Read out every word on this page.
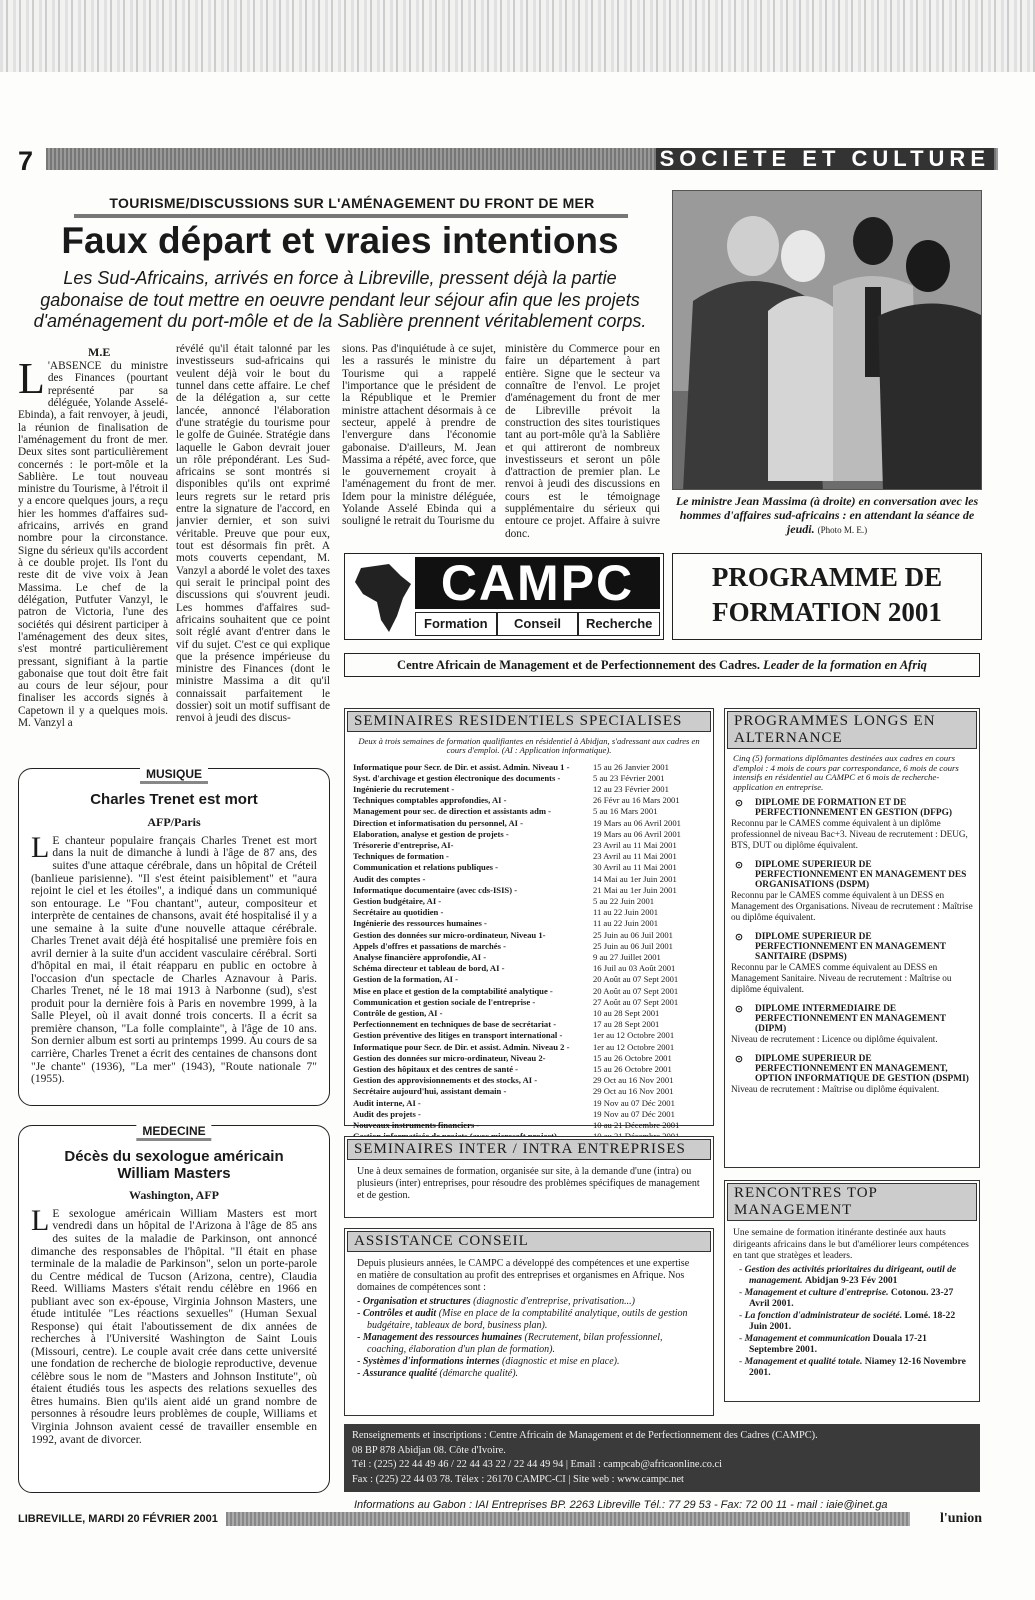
7	SOCIETE ET CULTURE
TOURISME/DISCUSSIONS SUR L'AMÉNAGEMENT DU FRONT DE MER
Faux départ et vraies intentions
Les Sud-Africains, arrivés en force à Libreville, pressent déjà la partie gabonaise de tout mettre en oeuvre pendant leur séjour afin que les projets d'aménagement du port-môle et de la Sablière prennent véritablement corps.
M.E
L 'ABSENCE du ministre des Finances (pourtant représenté par sa déléguée, Yolande Asselé-Ebinda), a fait renvoyer, à jeudi, la réunion de finalisation de l'aménagement du front de mer. Deux sites sont particulièrement concernés : le port-môle et la Sablière. Le tout nouveau ministre du Tourisme, à l'étroit il y a encore quelques jours, a reçu hier les hommes d'affaires sud-africains, arrivés en grand nombre pour la circonstance. Signe du sérieux qu'ils accordent à ce double projet. Ils l'ont du reste dit de vive voix à Jean Massima. Le chef de la délégation, Putfuter Vanzyl, le patron de Victoria, l'une des sociétés qui désirent participer à l'aménagement des deux sites, s'est montré particulièrement pressant, signifiant à la partie gabonaise que tout doit être fait au cours de leur séjour, pour finaliser les accords signés à Capetown il y a quelques mois. M. Vanzyl a
révélé qu'il était talonné par les investisseurs sud-africains qui veulent déjà voir le bout du tunnel dans cette affaire. Le chef de la délégation a, sur cette lancée, annoncé l'élaboration d'une stratégie du tourisme pour le golfe de Guinée. Stratégie dans laquelle le Gabon devrait jouer un rôle prépondérant. Les Sud-africains se sont montrés si disponibles qu'ils ont exprimé leurs regrets sur le retard pris entre la signature de l'accord, en janvier dernier, et son suivi véritable. Preuve que pour eux, tout est désormais fin prêt. A mots couverts cependant, M. Vanzyl a abordé le volet des taxes qui serait le principal point des discussions qui s'ouvrent jeudi. Les hommes d'affaires sud-africains souhaitent que ce point soit réglé avant d'entrer dans le vif du sujet. C'est ce qui explique que la présence impérieuse du ministre des Finances (dont le ministre Massima a dit qu'il connaissait parfaitement le dossier) soit un motif suffisant de renvoi à jeudi des discus-
sions. Pas d'inquiétude à ce sujet, les a rassurés le ministre du Tourisme qui a rappelé l'importance que le président de la République et le Premier ministre attachent désormais à ce secteur, appelé à prendre de l'envergure dans l'économie gabonaise. D'ailleurs, M. Jean Massima a répété, avec force, que le gouvernement croyait à l'aménagement du front de mer. Idem pour la ministre déléguée, Yolande Asselé Ebinda qui a souligné le retrait du Tourisme du
ministère du Commerce pour en faire un département à part entière. Signe que le secteur va connaître de l'envol. Le projet d'aménagement du front de mer de Libreville prévoit la construction des sites touristiques tant au port-môle qu'à la Sablière et qui attireront de nombreux investisseurs et seront un pôle d'attraction de premier plan. Le renvoi à jeudi des discussions en cours est le témoignage supplémentaire du sérieux qui entoure ce projet. Affaire à suivre donc.
Le ministre Jean Massima (à droite) en conversation avec les hommes d'affaires sud-africains : en attendant la séance de jeudi. (Photo M. E.)
MUSIQUE
Charles Trenet est mort
AFP/Paris
L E chanteur populaire français Charles Trenet est mort dans la nuit de dimanche à lundi à l'âge de 87 ans, des suites d'une attaque cérébrale, dans un hôpital de Créteil (banlieue parisienne). "Il s'est éteint paisiblement" et "aura rejoint le ciel et les étoiles", a indiqué dans un communiqué son entourage. Le "Fou chantant", auteur, compositeur et interprète de centaines de chansons, avait été hospitalisé il y a une semaine à la suite d'une nouvelle attaque cérébrale. Charles Trenet avait déjà été hospitalisé une première fois en avril dernier à la suite d'un accident vasculaire cérébral. Sorti d'hôpital en mai, il était réapparu en public en octobre à l'occasion d'un spectacle de Charles Aznavour à Paris. Charles Trenet, né le 18 mai 1913 à Narbonne (sud), s'est produit pour la dernière fois à Paris en novembre 1999, à la Salle Pleyel, où il avait donné trois concerts. Il a écrit sa première chanson, "La folle complainte", à l'âge de 10 ans. Son dernier album est sorti au printemps 1999. Au cours de sa carrière, Charles Trenet a écrit des centaines de chansons dont "Je chante" (1936), "La mer" (1943), "Route nationale 7" (1955).
MEDECINE
Décès du sexologue américain William Masters
Washington, AFP
L E sexologue américain William Masters est mort vendredi dans un hôpital de l'Arizona à l'âge de 85 ans des suites de la maladie de Parkinson, ont annoncé dimanche des responsables de l'hôpital. "Il était en phase terminale de la maladie de Parkinson", selon un porte-parole du Centre médical de Tucson (Arizona, centre), Claudia Reed. Williams Masters s'était rendu célèbre en 1966 en publiant avec son ex-épouse, Virginia Johnson Masters, une étude intitulée "Les réactions sexuelles" (Human Sexual Response) qui était l'aboutissement de dix années de recherches à l'Université Washington de Saint Louis (Missouri, centre). Le couple avait crée dans cette université une fondation de recherche de biologie reproductive, devenue célèbre sous le nom de "Masters and Johnson Institute", où étaient étudiés tous les aspects des relations sexuelles des êtres humains. Bien qu'ils aient aidé un grand nombre de personnes à résoudre leurs problèmes de couple, Williams et Virginia Johnson avaient cessé de travailler ensemble en 1992, avant de divorcer.
CAMPC
Formation	Conseil	Recherche
PROGRAMME DE FORMATION 2001
Centre Africain de Management et de Perfectionnement des Cadres. Leader de la formation en Afriq
SEMINAIRES RESIDENTIELS SPECIALISES
Deux à trois semaines de formation qualifiantes en résidentiel à Abidjan, s'adressant aux cadres en cours d'emploi. (AI : Application informatique).
Informatique pour Secr. de Dir. et assist. Admin. Niveau 1 -	15 au 26 Janvier 2001
Syst. d'archivage et gestion électronique des documents -	5 au 23 Février 2001
Ingénierie du recrutement -	12 au 23 Février 2001
Techniques comptables approfondies, AI -	26 Févr au 16 Mars 2001
Management pour sec. de direction et assistants adm -	5 au 16 Mars 2001
Direction et informatisation du personnel, AI -	19 Mars au 06 Avril 2001
Elaboration, analyse et gestion de projets -	19 Mars au 06 Avril 2001
Trésorerie d'entreprise, AI-	23 Avril au 11 Mai 2001
Techniques de formation -	23 Avril au 11 Mai 2001
Communication et relations publiques -	30 Avril au 11 Mai 2001
Audit des comptes -	14 Mai au 1er Juin 2001
Informatique documentaire (avec cds-ISIS) -	21 Mai au 1er Juin 2001
Gestion budgétaire, AI -	5 au 22 Juin 2001
Secrétaire au quotidien -	11 au 22 Juin 2001
Ingénierie des ressources humaines -	11 au 22 Juin 2001
Gestion des données sur micro-ordinateur, Niveau 1-	25 Juin au 06 Juil 2001
Appels d'offres et passations de marchés -	25 Juin au 06 Juil 2001
Analyse financière approfondie, AI -	9 au 27 Juillet 2001
Schéma directeur et tableau de bord, AI -	16 Juil au 03 Août 2001
Gestion de la formation, AI -	20 Août au 07 Sept 2001
Mise en place et gestion de la comptabilité analytique -	20 Août au 07 Sept 2001
Communication et gestion sociale de l'entreprise -	27 Août au 07 Sept 2001
Contrôle de gestion, AI -	10 au 28 Sept 2001
Perfectionnement en techniques de base de secrétariat -	17 au 28 Sept 2001
Gestion préventive des litiges en transport international -	1er au 12 Octobre 2001
Informatique pour Secr. de Dir. et assist. Admin. Niveau 2 -	1er au 12 Octobre 2001
Gestion des données sur micro-ordinateur, Niveau 2-	15 au 26 Octobre 2001
Gestion des hôpitaux et des centres de santé -	15 au 26 Octobre 2001
Gestion des approvisionnements et des stocks, AI -	29 Oct au 16 Nov 2001
Secrétaire aujourd'hui, assistant demain -	29 Oct au 16 Nov 2001
Audit interne, AI -	19 Nov au 07 Déc 2001
Audit des projets -	19 Nov au 07 Déc 2001
Nouveaux instruments financiers -	10 au 21 Décembre 2001
SEMINAIRES INTER / INTRA ENTREPRISES
Une à deux semaines de formation, organisée sur site, à la demande d'une (intra) ou plusieurs (inter) entreprises, pour résoudre des problèmes spécifiques de management et de gestion.
ASSISTANCE CONSEIL
Depuis plusieurs années, le CAMPC a développé des compétences et une expertise en matière de consultation au profit des entreprises et organismes en Afrique. Nos domaines de compétences sont :
- Organisation et structures (diagnostic d'entreprise, privatisation...)
- Contrôles et audit (Mise en place de la comptabilité analytique, outils de gestion budgétaire, tableaux de bord, business plan).
- Management des ressources humaines (Recrutement, bilan professionnel, coaching, élaboration d'un plan de formation).
- Systèmes d'informations internes (diagnostic et mise en place).
- Assurance qualité (démarche qualité).
PROGRAMMES LONGS EN ALTERNANCE
Cinq (5) formations diplômantes destinées aux cadres en cours d'emploi : 4 mois de cours par correspondance, 6 mois de cours intensifs en résidentiel au CAMPC et 6 mois de recherche-application en entreprise.
⊙ DIPLOME DE FORMATION ET DE PERFECTIONNEMENT EN GESTION (DFPG)
Reconnu par le CAMES comme équivalent à un diplôme professionnel de niveau Bac+3. Niveau de recrutement : DEUG, BTS, DUT ou diplôme équivalent.
⊙ DIPLOME SUPERIEUR DE PERFECTIONNEMENT EN MANAGEMENT DES ORGANISATIONS (DSPM)
Reconnu par le CAMES comme équivalent à un DESS en Management des Organisations. Niveau de recrutement : Maîtrise ou diplôme équivalent.
⊙ DIPLOME SUPERIEUR DE PERFECTIONNEMENT EN MANAGEMENT SANITAIRE (DSPMS)
Reconnu par le CAMES comme équivalent au DESS en Management Sanitaire. Niveau de recrutement : Maîtrise ou diplôme équivalent.
⊙ DIPLOME INTERMEDIAIRE DE PERFECTIONNEMENT EN MANAGEMENT (DIPM)
Niveau de recrutement : Licence ou diplôme équivalent.
⊙ DIPLOME SUPERIEUR DE PERFECTIONNEMENT EN MANAGEMENT, OPTION INFORMATIQUE DE GESTION (DSPMI)
Niveau de recrutement : Maîtrise ou diplôme équivalent.
RENCONTRES TOP MANAGEMENT
Une semaine de formation itinérante destinée aux hauts dirigeants africains dans le but d'améliorer leurs compétences en tant que stratèges et leaders.
- Gestion des activités prioritaires du dirigeant, outil de management. Abidjan 9-23 Fév 2001
- Management et culture d'entreprise. Cotonou. 23-27 Avril 2001.
- La fonction d'administrateur de société. Lomé. 18-22 Juin 2001.
- Management et communication Douala 17-21 Septembre 2001.
- Management et qualité totale. Niamey 12-16 Novembre 2001.
Renseignements et inscriptions : Centre Africain de Management et de Perfectionnement des Cadres (CAMPC).
08 BP 878 Abidjan 08. Côte d'Ivoire.
Tél : (225) 22 44 49 46 / 22 44 43 22 / 22 44 49 94 | Email : campcab@africaonline.co.ci
Fax : (225) 22 44 03 78. Télex : 26170 CAMPC-CI | Site web : www.campc.net
Informations au Gabon : IAI Entreprises BP. 2263 Libreville Tél.: 77 29 53 - Fax: 72 00 11 - mail : iaie@inet.ga
LIBREVILLE, MARDI 20 FÉVRIER 2001	l'union
